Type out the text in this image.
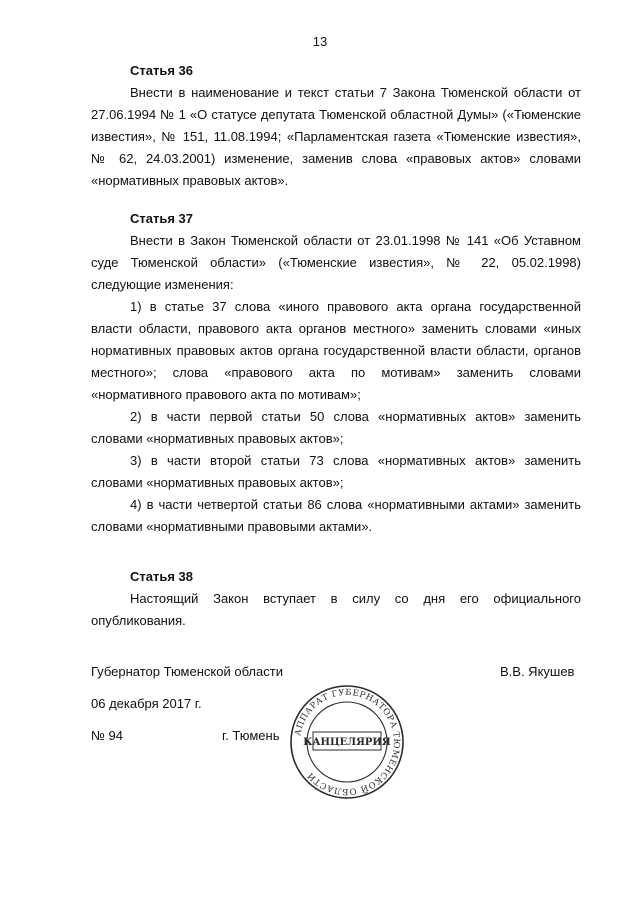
13

Статья 36

Внести в наименование и текст статьи 7 Закона Тюменской области от 27.06.1994 № 1 «О статусе депутата Тюменской областной Думы» («Тюменские известия», № 151, 11.08.1994; «Парламентская газета «Тюменские известия», № 62, 24.03.2001) изменение, заменив слова «правовых актов» словами «нормативных правовых актов».

Статья 37

Внести в Закон Тюменской области от 23.01.1998 № 141 «Об Уставном суде Тюменской области» («Тюменские известия», № 22, 05.02.1998) следующие изменения:

1) в статье 37 слова «иного правового акта органа государственной власти области, правового акта органов местного» заменить словами «иных нормативных правовых актов органа государственной власти области, органов местного»; слова «правового акта по мотивам» заменить словами «нормативного правового акта по мотивам»;

2) в части первой статьи 50 слова «нормативных актов» заменить словами «нормативных правовых актов»;

3) в части второй статьи 73 слова «нормативных актов» заменить словами «нормативных правовых актов»;

4) в части четвертой статьи 86 слова «нормативными актами» заменить словами «нормативными правовыми актами».

Статья 38

Настоящий Закон вступает в силу со дня его официального опубликования.

Губернатор Тюменской области	В.В. Якушев
06 декабря 2017 г.
№ 94	г. Тюмень АППАРАТ ГУБЕРНАТОРА ТЮМЕНСКОЙ ОБЛАСТИ
КАНЦЕЛЯРИЯ
